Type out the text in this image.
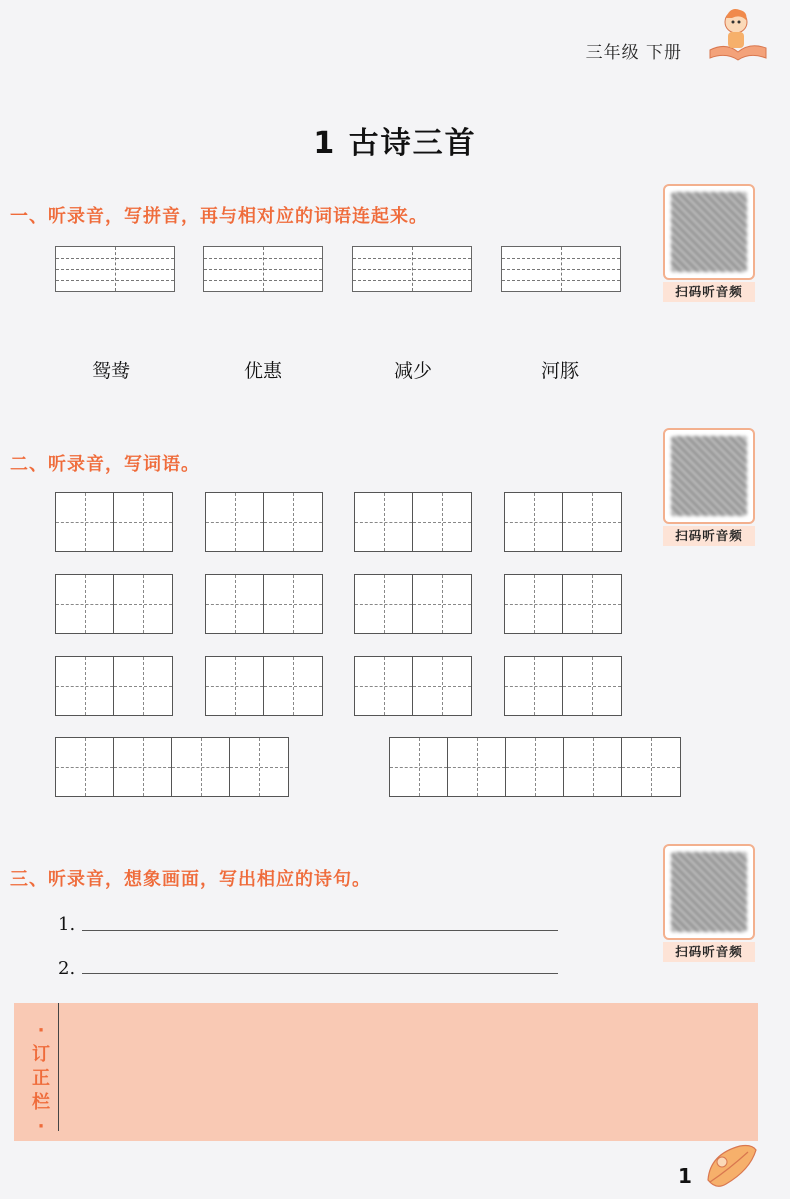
三年级 下册
1 古诗三首
一、听录音，写拼音，再与相对应的词语连起来。
扫码听音频
鸳鸯	优惠	减少	河豚
二、听录音，写词语。
扫码听音频
三、听录音，想象画面，写出相应的诗句。
扫码听音频
1.
2.
·订正栏·
1
